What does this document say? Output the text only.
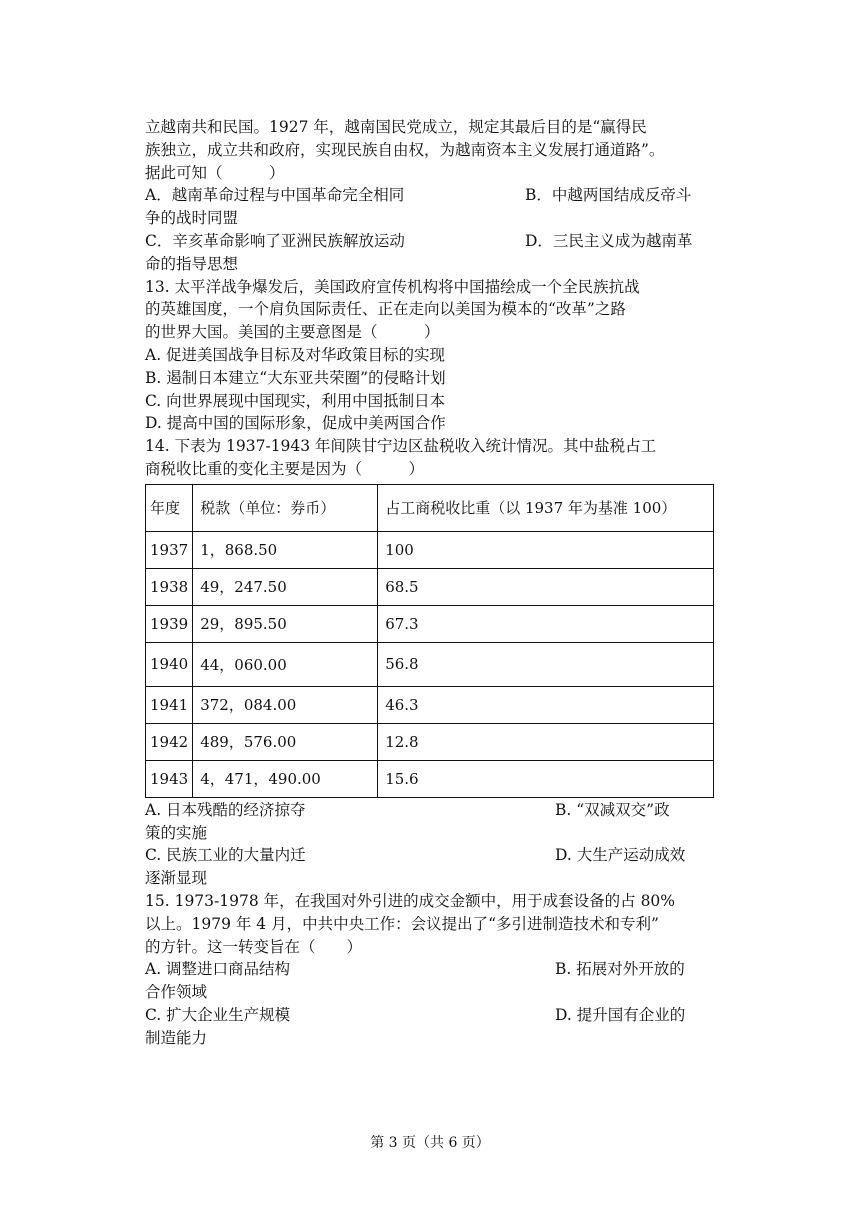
立越南共和民国。1927 年，越南国民党成立，规定其最后目的是“赢得民
族独立，成立共和政府，实现民族自由权，为越南资本主义发展打通道路”。
据此可知（　　　）
A．越南革命过程与中国革命完全相同	B．中越两国结成反帝斗
争的战时同盟
C．辛亥革命影响了亚洲民族解放运动	D．三民主义成为越南革
命的指导思想
13. 太平洋战争爆发后，美国政府宣传机构将中国描绘成一个全民族抗战
的英雄国度，一个肩负国际责任、正在走向以美国为模本的“改革”之路
的世界大国。美国的主要意图是（　　　）
A. 促进美国战争目标及对华政策目标的实现
B. 遏制日本建立“大东亚共荣圈”的侵略计划
C. 向世界展现中国现实，利用中国抵制日本
D. 提高中国的国际形象，促成中美两国合作
14. 下表为 1937-1943 年间陕甘宁边区盐税收入统计情况。其中盐税占工
商税收比重的变化主要是因为（　　　）
年度	税款（单位：券币）	占工商税收比重（以 1937 年为基准 100）
1937	1，868.50	100
1938	49，247.50	68.5
1939	29，895.50	67.3
1940	44，060.00	56.8
1941	372，084.00	46.3
1942	489，576.00	12.8
1943	4，471，490.00	15.6
A. 日本残酷的经济掠夺	B. “双减双交”政
策的实施
C. 民族工业的大量内迁	D. 大生产运动成效
逐渐显现
15. 1973-1978 年，在我国对外引进的成交金额中，用于成套设备的占 80%
以上。1979 年 4 月，中共中央工作：会议提出了“多引进制造技术和专利”
的方针。这一转变旨在（　　）
A. 调整进口商品结构	B. 拓展对外开放的
合作领域
C. 扩大企业生产规模	D. 提升国有企业的
制造能力
第 3 页（共 6 页）
